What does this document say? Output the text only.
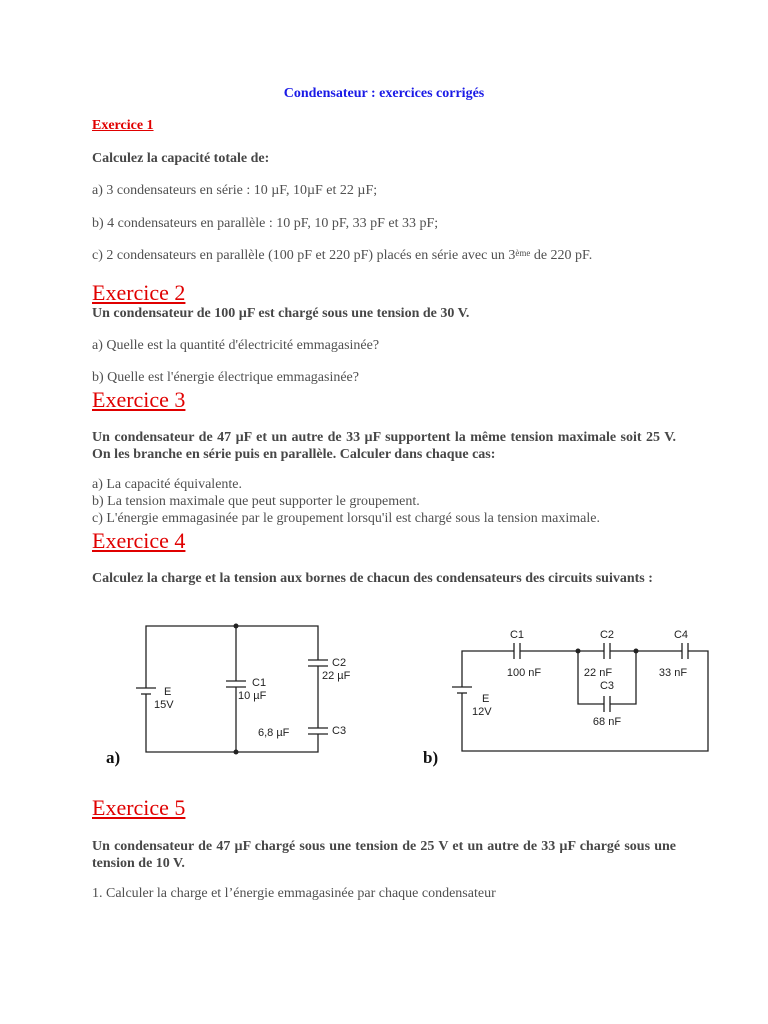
Condensateur : exercices corrigés
Exercice 1
Calculez la capacité totale de:
a) 3 condensateurs en série : 10 µF, 10µF et 22 µF;
b) 4 condensateurs en parallèle : 10 pF, 10 pF, 33 pF et 33 pF;
c) 2 condensateurs en parallèle (100 pF et 220 pF) placés en série avec un 3ème de 220 pF.
Exercice 2
Un condensateur de 100 µF est chargé sous une tension de 30 V.
a) Quelle est la quantité d'électricité emmagasinée?
b) Quelle est l'énergie électrique emmagasinée?
Exercice 3
Un condensateur de 47 µF et un autre de 33 µF supportent la même tension maximale soit 25 V. On les branche en série puis en parallèle. Calculer dans chaque cas:
a) La capacité équivalente.
b) La tension maximale que peut supporter le groupement.
c) L'énergie emmagasinée par le groupement lorsqu'il est chargé sous la tension maximale.
Exercice 4
Calculez la charge et la tension aux bornes de chacun des condensateurs des circuits suivants :
E
15V
C1
10 µF
C2
22 µF
C3
6,8 µF
a)
E
12V
C1
100 nF
C2
22 nF
C3
68 nF
C4
33 nF
b)
Exercice 5
Un condensateur de 47 µF chargé sous une tension de 25 V et un autre de 33 µF chargé sous une tension de 10 V.
1. Calculer la charge et l’énergie emmagasinée par chaque condensateur
